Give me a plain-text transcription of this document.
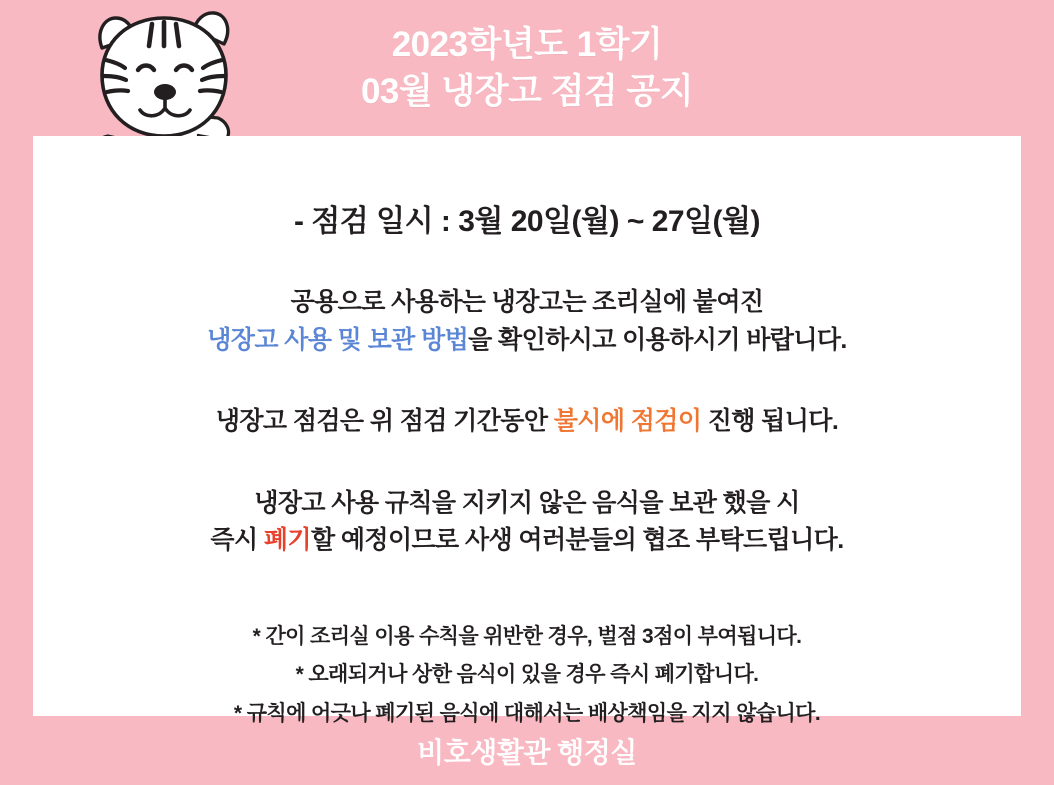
2023학년도 1학기
03월 냉장고 점검 공지
- 점검 일시 : 3월 20일(월) ~ 27일(월)
공용으로 사용하는 냉장고는 조리실에 붙여진
냉장고 사용 및 보관 방법을 확인하시고 이용하시기 바랍니다.
냉장고 점검은 위 점검 기간동안 불시에 점검이 진행 됩니다.
냉장고 사용 규칙을 지키지 않은 음식을 보관 했을 시
즉시 폐기할 예정이므로 사생 여러분들의 협조 부탁드립니다.
* 간이 조리실 이용 수칙을 위반한 경우, 벌점 3점이 부여됩니다.
* 오래되거나 상한 음식이 있을 경우 즉시 폐기합니다.
* 규칙에 어긋나 폐기된 음식에 대해서는 배상책임을 지지 않습니다.
비호생활관 행정실
